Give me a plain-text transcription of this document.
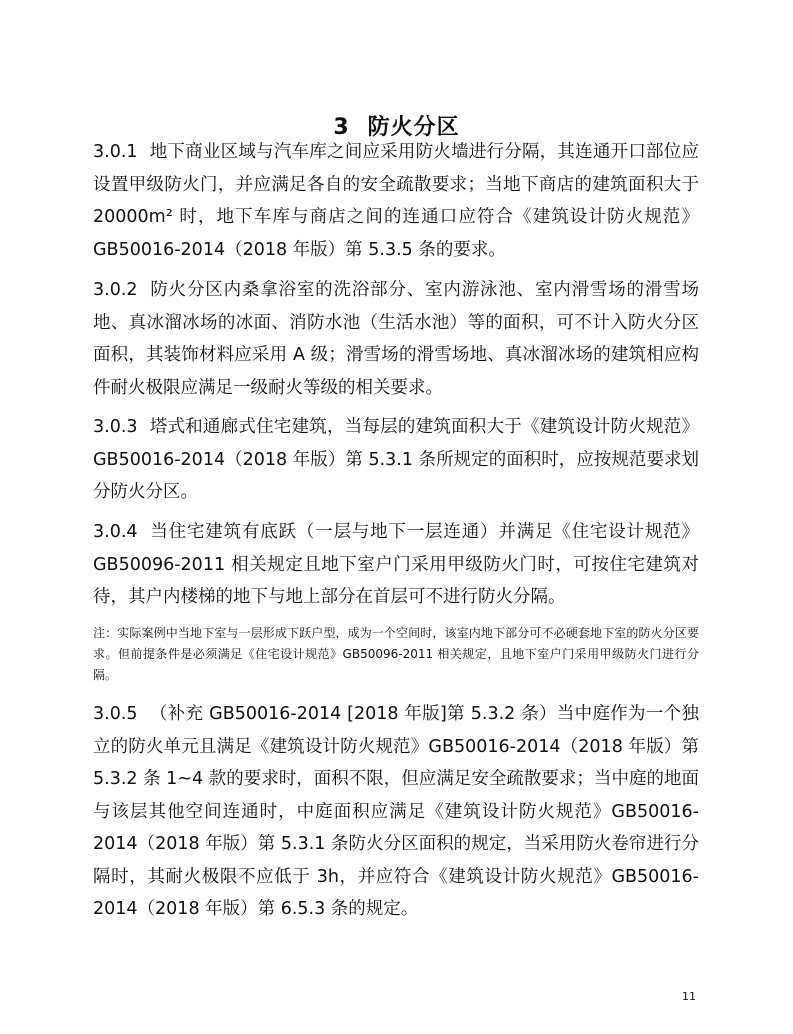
3 防火分区

3.0.1 地下商业区域与汽车库之间应采用防火墙进行分隔，其连通开口部位应设置甲级防火门，并应满足各自的安全疏散要求；当地下商店的建筑面积大于 20000m² 时，地下车库与商店之间的连通口应符合《建筑设计防火规范》 GB50016-2014（2018 年版）第 5.3.5 条的要求。

3.0.2 防火分区内桑拿浴室的洗浴部分、室内游泳池、室内滑雪场的滑雪场地、真冰溜冰场的冰面、消防水池（生活水池）等的面积，可不计入防火分区面积，其装饰材料应采用 A 级；滑雪场的滑雪场地、真冰溜冰场的建筑相应构件耐火极限应满足一级耐火等级的相关要求。

3.0.3 塔式和通廊式住宅建筑，当每层的建筑面积大于《建筑设计防火规范》GB50016-2014（2018 年版）第 5.3.1 条所规定的面积时，应按规范要求划分防火分区。

3.0.4 当住宅建筑有底跃（一层与地下一层连通）并满足《住宅设计规范》GB50096-2011 相关规定且地下室户门采用甲级防火门时，可按住宅建筑对待，其户内楼梯的地下与地上部分在首层可不进行防火分隔。

注：实际案例中当地下室与一层形成下跃户型，成为一个空间时，该室内地下部分可不必硬套地下室的防火分区要求。但前提条件是必须满足《住宅设计规范》GB50096-2011 相关规定，且地下室户门采用甲级防火门进行分隔。

3.0.5 （补充 GB50016-2014 [2018 年版]第 5.3.2 条）当中庭作为一个独立的防火单元且满足《建筑设计防火规范》GB50016-2014（2018 年版）第 5.3.2 条 1~4 款的要求时，面积不限，但应满足安全疏散要求；当中庭的地面与该层其他空间连通时，中庭面积应满足《建筑设计防火规范》GB50016-2014（2018 年版）第 5.3.1 条防火分区面积的规定，当采用防火卷帘进行分隔时，其耐火极限不应低于 3h，并应符合《建筑设计防火规范》GB50016-2014（2018 年版）第 6.5.3 条的规定。

11
